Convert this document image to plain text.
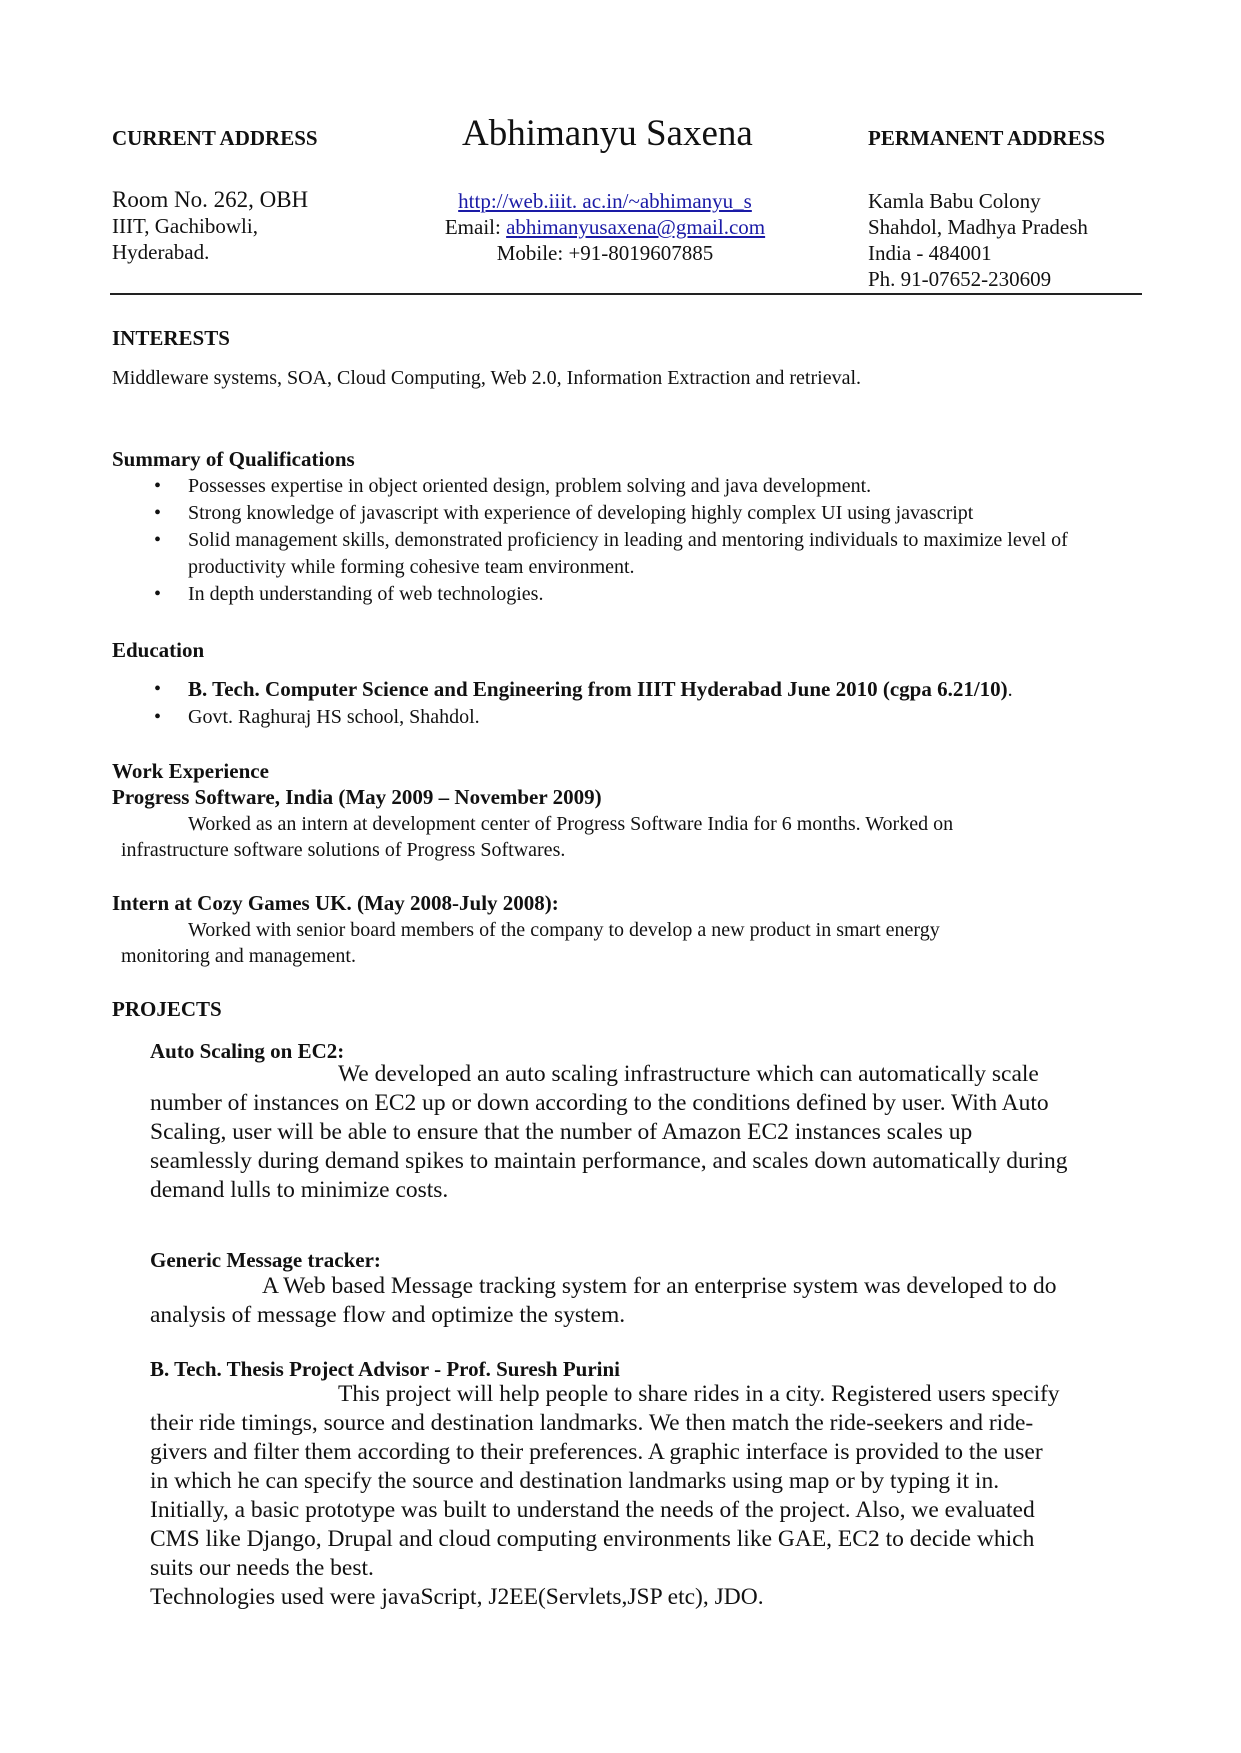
CURRENT ADDRESS	Abhimanyu Saxena	PERMANENT ADDRESS
Room No. 262, OBH
IIIT, Gachibowli,
Hyderabad.
http://web.iiit. ac.in/~abhimanyu_s
Email: abhimanyusaxena@gmail.com
Mobile: +91-8019607885
Kamla Babu Colony
Shahdol, Madhya Pradesh
India - 484001
Ph. 91-07652-230609
INTERESTS
Middleware systems, SOA, Cloud Computing, Web 2.0, Information Extraction and retrieval.
Summary of Qualifications
• Possesses expertise in object oriented design, problem solving and java development.
• Strong knowledge of javascript with experience of developing highly complex UI using javascript
• Solid management skills, demonstrated proficiency in leading and mentoring individuals to maximize level of productivity while forming cohesive team environment.
• In depth understanding of web technologies.
Education
• B. Tech. Computer Science and Engineering from IIIT Hyderabad June 2010 (cgpa 6.21/10).
• Govt. Raghuraj HS school, Shahdol.
Work Experience
Progress Software, India (May 2009 – November 2009)
Worked as an intern at development center of Progress Software India for 6 months. Worked on
infrastructure software solutions of Progress Softwares.
Intern at Cozy Games UK. (May 2008-July 2008):
Worked with senior board members of the company to develop a new product in smart energy
monitoring and management.
PROJECTS
Auto Scaling on EC2:
We developed an auto scaling infrastructure which can automatically scale
number of instances on EC2 up or down according to the conditions defined by user. With Auto
Scaling, user will be able to ensure that the number of Amazon EC2 instances scales up
seamlessly during demand spikes to maintain performance, and scales down automatically during
demand lulls to minimize costs.
Generic Message tracker:
A Web based Message tracking system for an enterprise system was developed to do
analysis of message flow and optimize the system.
B. Tech. Thesis Project Advisor - Prof. Suresh Purini
This project will help people to share rides in a city. Registered users specify
their ride timings, source and destination landmarks. We then match the ride-seekers and ride-
givers and filter them according to their preferences. A graphic interface is provided to the user
in which he can specify the source and destination landmarks using map or by typing it in.
Initially, a basic prototype was built to understand the needs of the project. Also, we evaluated
CMS like Django, Drupal and cloud computing environments like GAE, EC2 to decide which
suits our needs the best.
Technologies used were javaScript, J2EE(Servlets,JSP etc), JDO.
